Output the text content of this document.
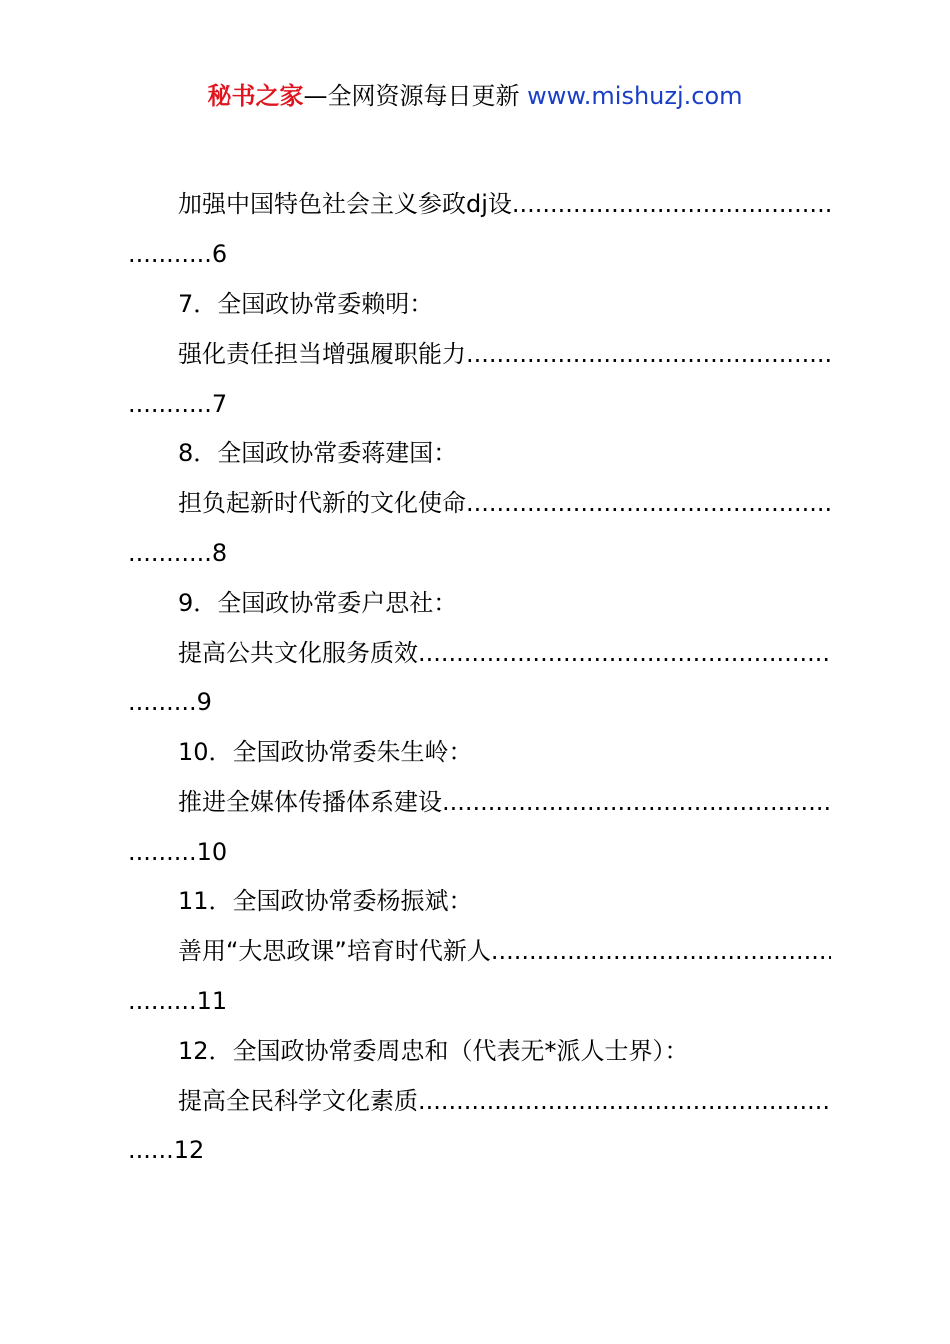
秘书之家—全网资源每日更新 www.mishuzj.com
加强中国特色社会主义参政dj设
.....
...........6
7．全国政协常委赖明：
强化责任担当增强履职能力
.....
...........7
8．全国政协常委蒋建国：
担负起新时代新的文化使命
.....
...........8
9．全国政协常委户思社：
提高公共文化服务质效
.....
.........9
10．全国政协常委朱生岭：
推进全媒体传播体系建设
.....
.........10
11．全国政协常委杨振斌：
善用“大思政课”培育时代新人
.....
.........11
12．全国政协常委周忠和（代表无*派人士界）：
提高全民科学文化素质
.....
......12
